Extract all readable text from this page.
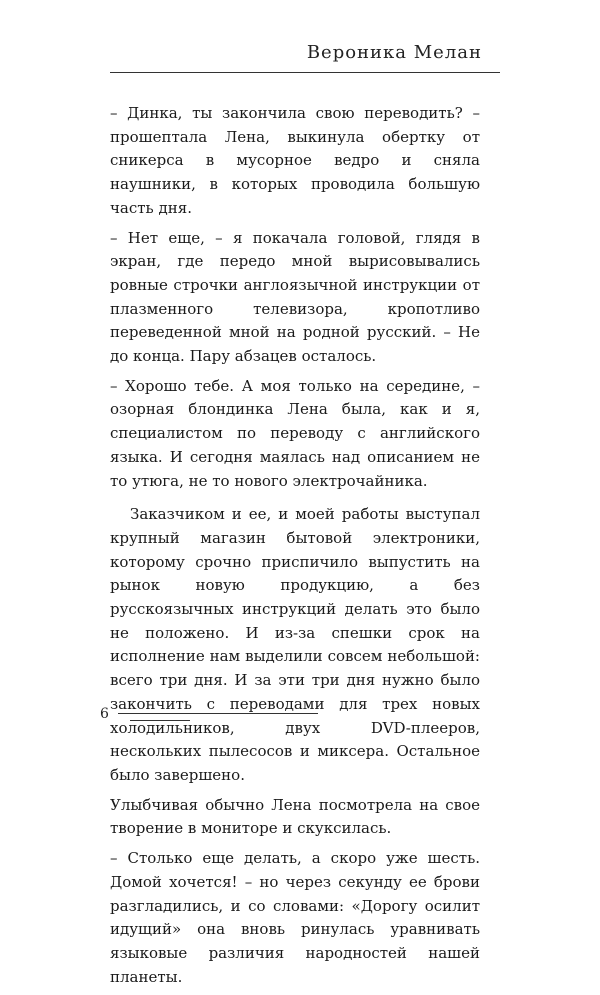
Вероника Мелан

– Динка, ты закончила свою переводить? – прошептала Лена, выкинула обертку от сникерса в мусорное ведро и сняла наушники, в которых проводила большую часть дня.

– Нет еще, – я покачала головой, глядя в экран, где передо мной вырисовывались ровные строчки англоязычной инструкции от плазменного телевизора, кропотливо переведенной мной на родной русский. – Не до конца. Пару абзацев осталось.

– Хорошо тебе. А моя только на середине, – озорная блондинка Лена была, как и я, специалистом по переводу с английского языка. И сегодня маялась над описанием не то утюга, не то нового электрочайника.

Заказчиком и ее, и моей работы выступал крупный магазин бытовой электроники, которому срочно приспичило выпустить на рынок новую продукцию, а без русскоязычных инструкций делать это было не положено. И из-за спешки срок на исполнение нам выделили совсем небольшой: всего три дня. И за эти три дня нужно было закончить с переводами для трех новых холодильников, двух DVD-плееров, нескольких пылесосов и миксера. Остальное было завершено.

Улыбчивая обычно Лена посмотрела на свое творение в мониторе и скуксилась.

– Столько еще делать, а скоро уже шесть. Домой хочется! – но через секунду ее брови разгладились, и со словами: «Дорогу осилит идущий» она вновь ринулась уравнивать языковые различия народностей нашей планеты.

6
